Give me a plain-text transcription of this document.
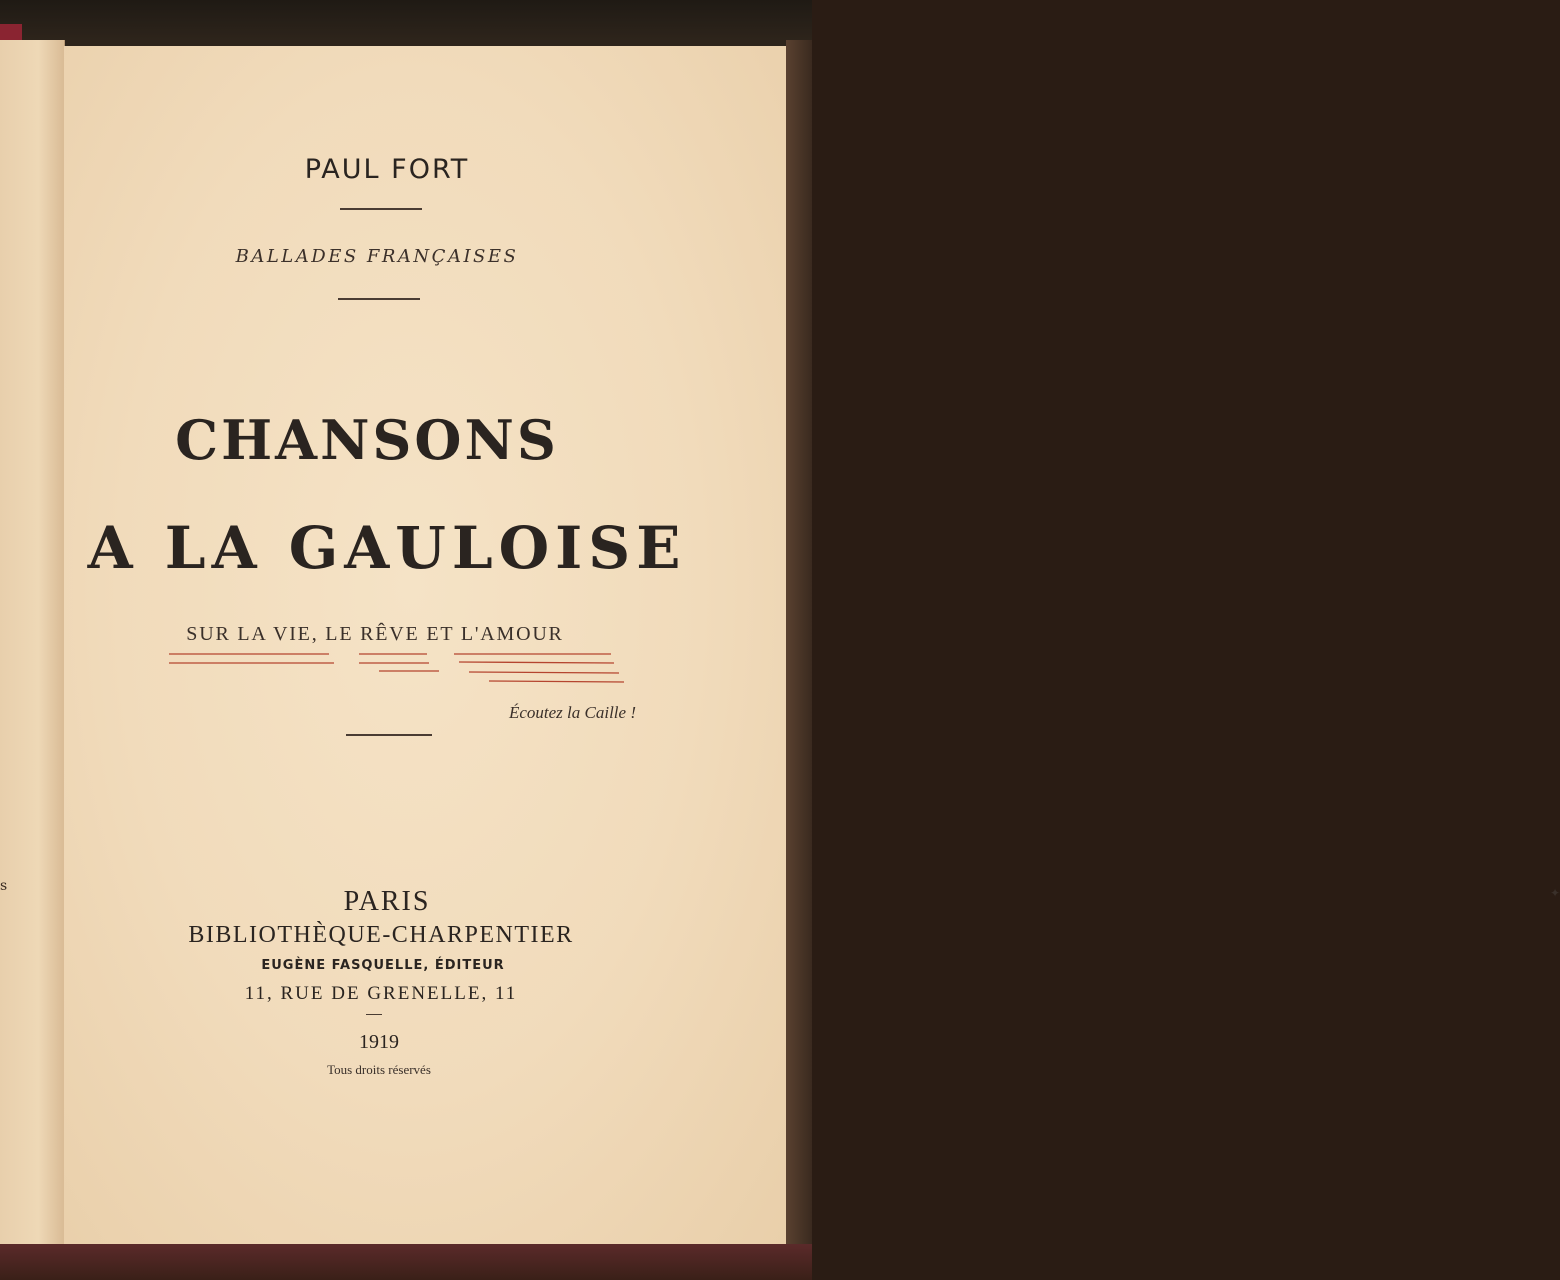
s
PAUL FORT
BALLADES FRANÇAISES
CHANSONS
A LA GAULOISE
SUR LA VIE, LE RÊVE ET L'AMOUR
Écoutez la Caille !
PARIS
BIBLIOTHÈQUE-CHARPENTIER
EUGÈNE FASQUELLE, ÉDITEUR
11, RUE DE GRENELLE, 11
1919
Tous droits réservés
✦
